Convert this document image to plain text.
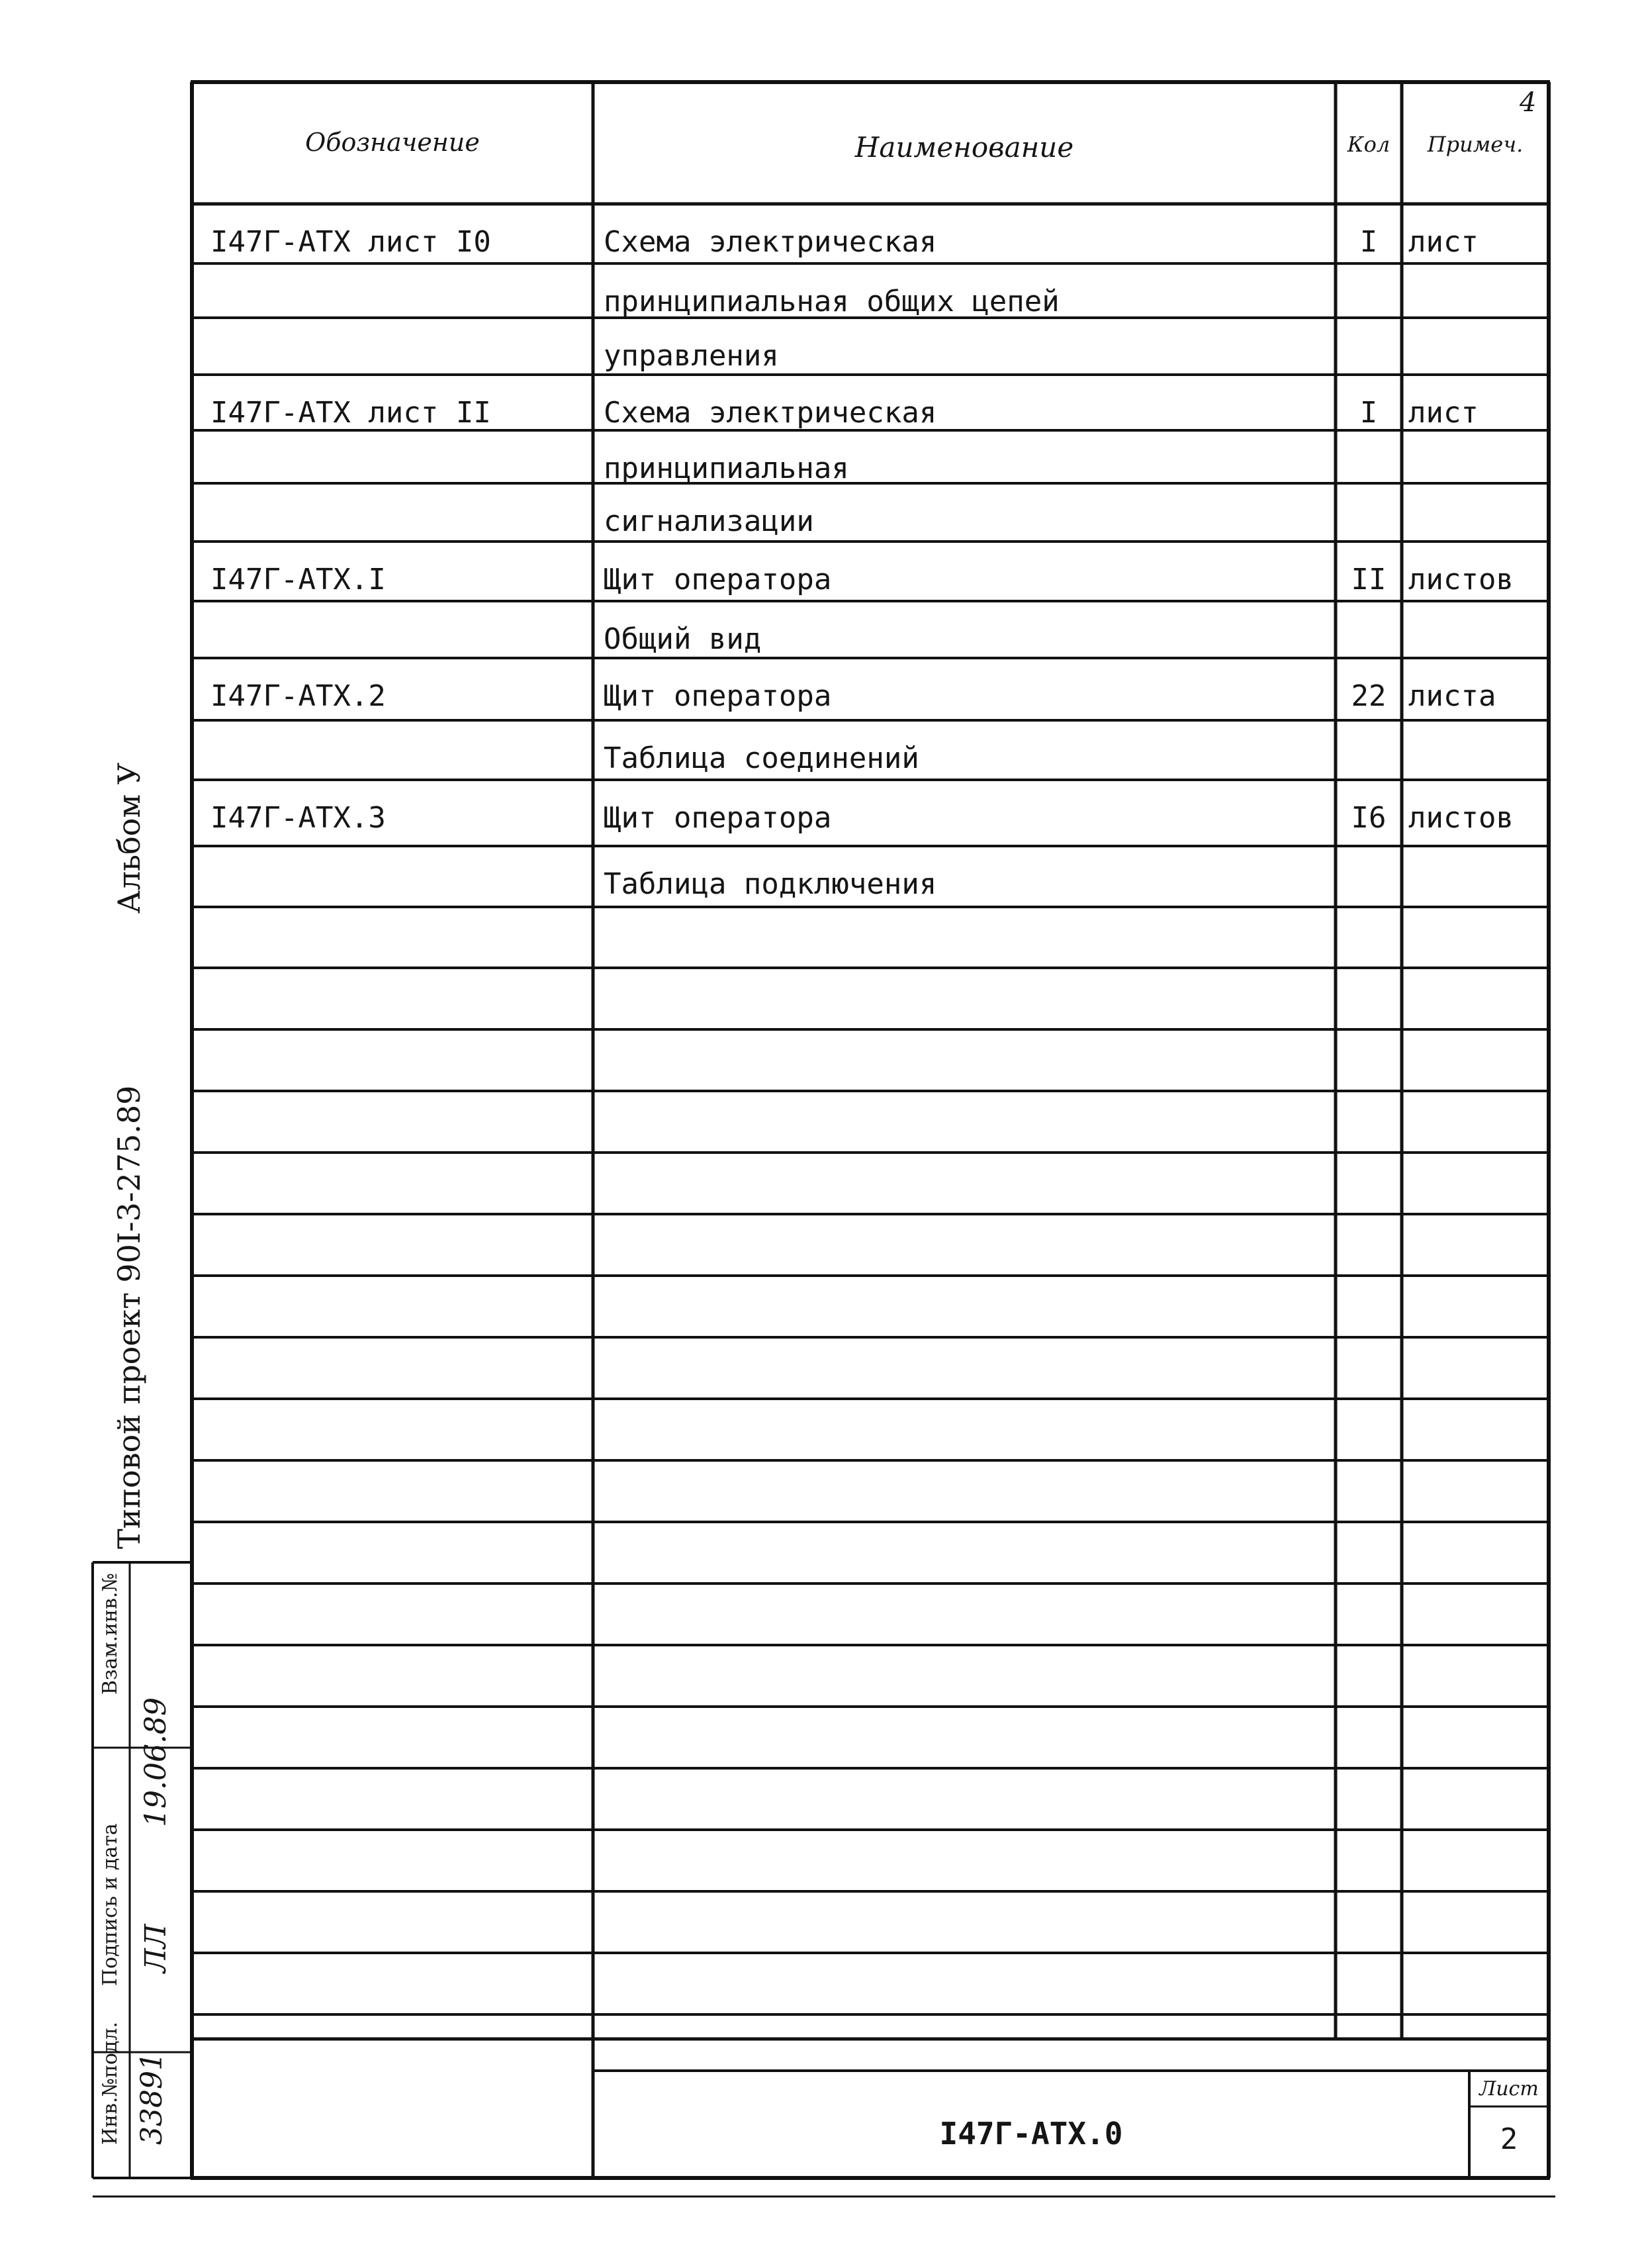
Типовой проект 90I-3-275.89
Альбом У
Взам.инв.№
Подпись и дата
Инв.№подл. 33891
19.06.89
ЛЛ
4
Обозначение	Наименование	Кол	Примеч.
I47Г-АТХ лист I0	Схема электрическая	I	лист
принципиальная общих цепей
управления
I47Г-АТХ лист II	Схема электрическая	I	лист
принципиальная
сигнализации
I47Г-АТХ.I	Щит оператора	II листов
Общий вид
I47Г-АТХ.2	Щит оператора	22 листа
Таблица соединений
I47Г-АТХ.3	Щит оператора	I6 листов
Таблица подключения
I47Г-АТХ.0
Лист
2
